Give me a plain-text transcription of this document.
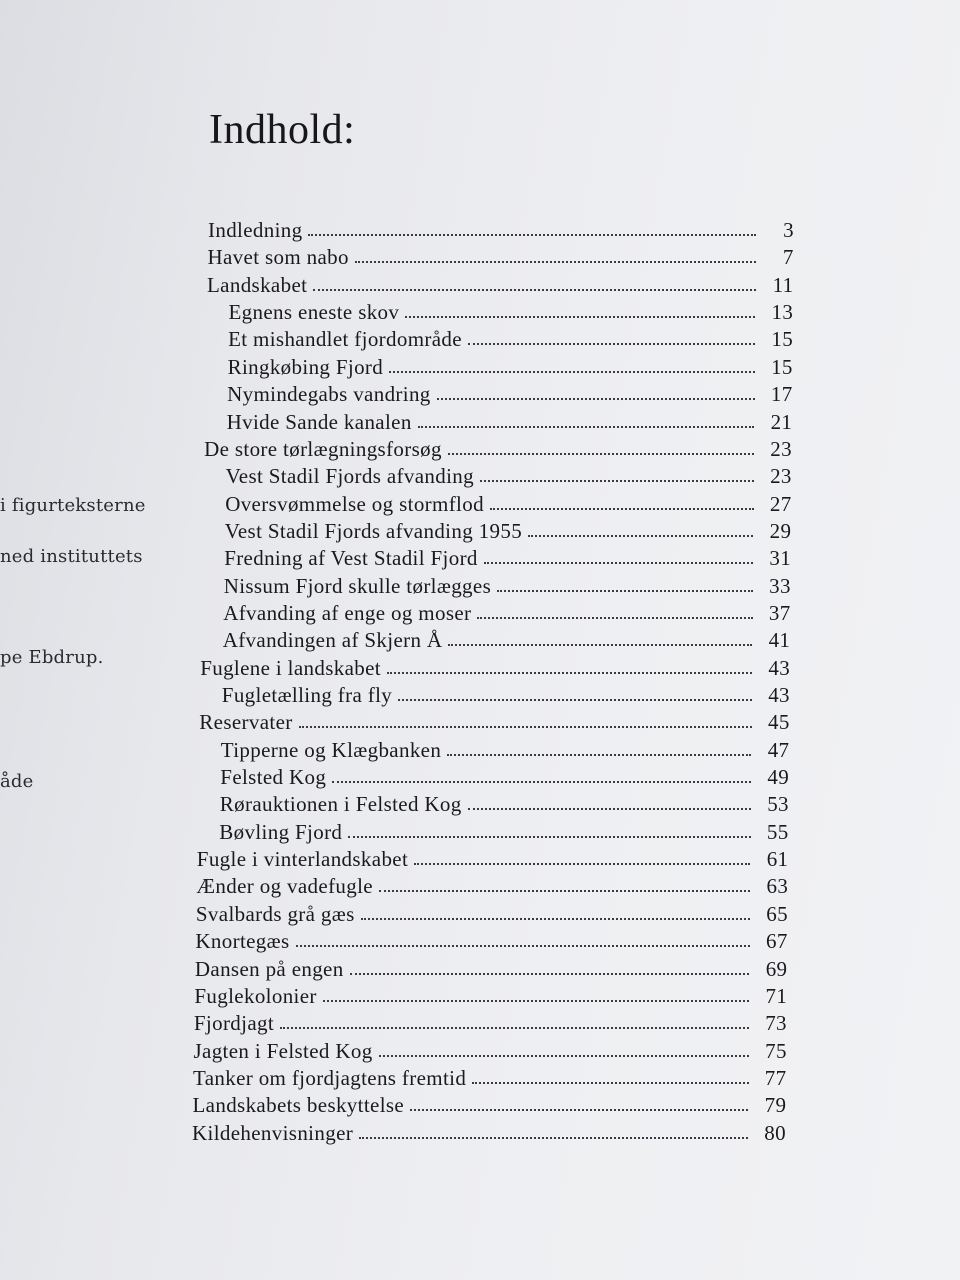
i figurteksterne
ned instituttets
pe Ebdrup.
åde
Indhold:
Indledning	3
Havet som nabo	7
Landskabet	11
Egnens eneste skov	13
Et mishandlet fjordområde	15
Ringkøbing Fjord	15
Nymindegabs vandring	17
Hvide Sande kanalen	21
De store tørlægningsforsøg	23
Vest Stadil Fjords afvanding	23
Oversvømmelse og stormflod	27
Vest Stadil Fjords afvanding 1955	29
Fredning af Vest Stadil Fjord	31
Nissum Fjord skulle tørlægges	33
Afvanding af enge og moser	37
Afvandingen af Skjern Å	41
Fuglene i landskabet	43
Fugletælling fra fly	43
Reservater	45
Tipperne og Klægbanken	47
Felsted Kog	49
Rørauktionen i Felsted Kog	53
Bøvling Fjord	55
Fugle i vinterlandskabet	61
Ænder og vadefugle	63
Svalbards grå gæs	65
Knortegæs	67
Dansen på engen	69
Fuglekolonier	71
Fjordjagt	73
Jagten i Felsted Kog	75
Tanker om fjordjagtens fremtid	77
Landskabets beskyttelse	79
Kildehenvisninger	80
